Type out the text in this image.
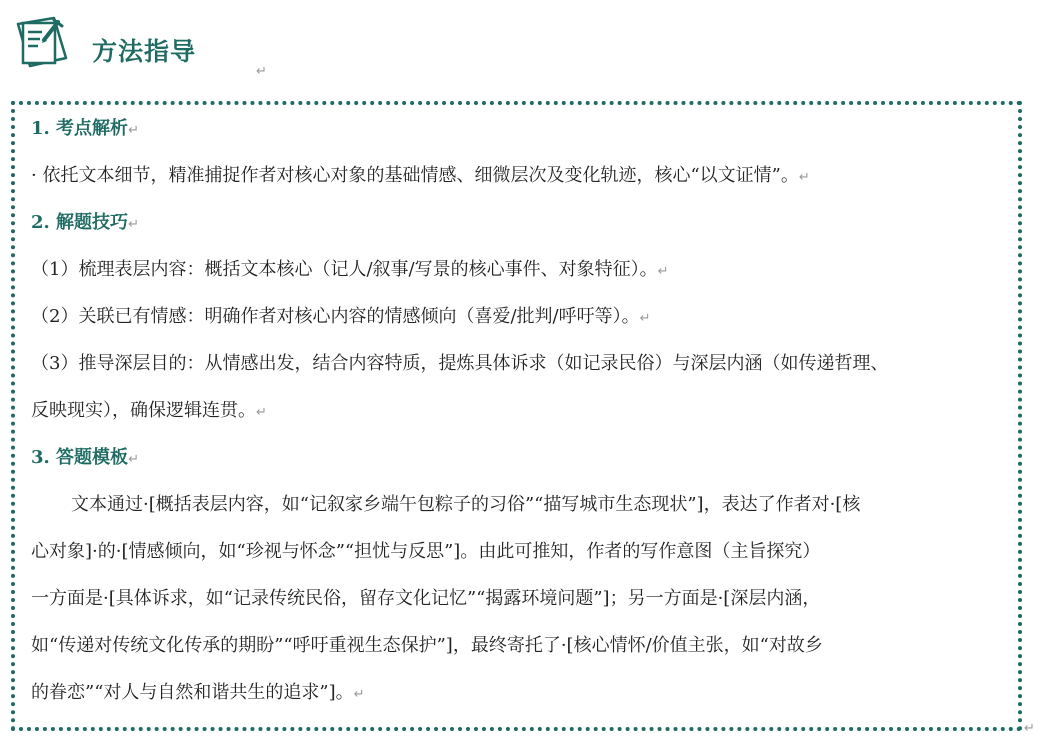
方法指导
↵
1. 考点解析↵
· 依托文本细节，精准捕捉作者对核心对象的基础情感、细微层次及变化轨迹，核心“以文证情”。↵
2. 解题技巧↵
（1）梳理表层内容：概括文本核心（记人/叙事/写景的核心事件、对象特征）。↵
（2）关联已有情感：明确作者对核心内容的情感倾向（喜爱/批判/呼吁等）。↵
（3）推导深层目的：从情感出发，结合内容特质，提炼具体诉求（如记录民俗）与深层内涵（如传递哲理、
反映现实），确保逻辑连贯。↵
3. 答题模板↵
文本通过·[概括表层内容，如“记叙家乡端午包粽子的习俗”“描写城市生态现状”]，表达了作者对·[核
心对象]·的·[情感倾向，如“珍视与怀念”“担忧与反思”]。由此可推知，作者的写作意图（主旨探究）
一方面是·[具体诉求，如“记录传统民俗，留存文化记忆”“揭露环境问题”]；另一方面是·[深层内涵，
如“传递对传统文化传承的期盼”“呼吁重视生态保护”]，最终寄托了·[核心情怀/价值主张，如“对故乡
的眷恋”“对人与自然和谐共生的追求”]。↵
↵
